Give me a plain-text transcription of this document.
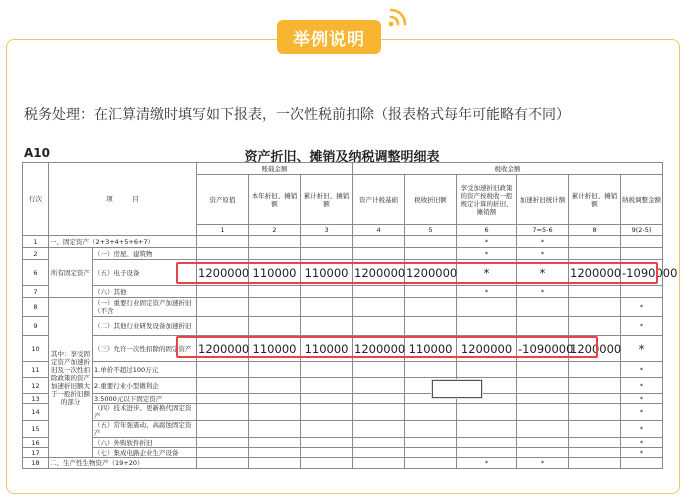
举例说明
税务处理：在汇算清缴时填写如下报表，一次性税前扣除（报表格式每年可能略有不同）
A10	资产折旧、摊销及纳税调整明细表
行次	项　　　目		账载金额			税收金额					
			资产原值	本年折旧、摊销额	累计折旧、摊销额	资产计税基础	税收折旧额	享受加速折旧政策的资产按税收一般规定计算的折旧、摊销额	加速折旧统计额	累计折旧、摊销额	纳税调整金额
			1	2	3	4	5	6	7=5-6	8	9(2-5)
1	一、固定资产（2+3+4+5+6+7）							*	*		
2	所有固定资产	（一）房屋、建筑物						*	*		
6		（五）电子设备	1200000	110000	110000	1200000	1200000	*	*	1200000	-1090000
7		（六）其他						*	*		
8	其中：享受固定资产加速折旧及一次性扣除政策的资产加速折旧额大于一般折旧额的部分	（一）重要行业固定资产加速折旧（不含									*
9		（二）其他行业研发设备加速折旧									*
10		（三）允许一次性扣除的固定资产	1200000	110000	110000	1200000	110000	1200000	-1090000	1200000	*
11		1.单价不超过100万元									*
12		2.重要行业小型微利企									*
13		3.5000元以下固定资产									*
14		（四）技术进步、更新换代固定资产									*
15		（五）常年强震动、高腐蚀固定资产									*
16		（六）外购软件折旧									*
17		（七）集成电路企业生产设备									*
18	二、生产性生物资产（19+20）							*	*		
